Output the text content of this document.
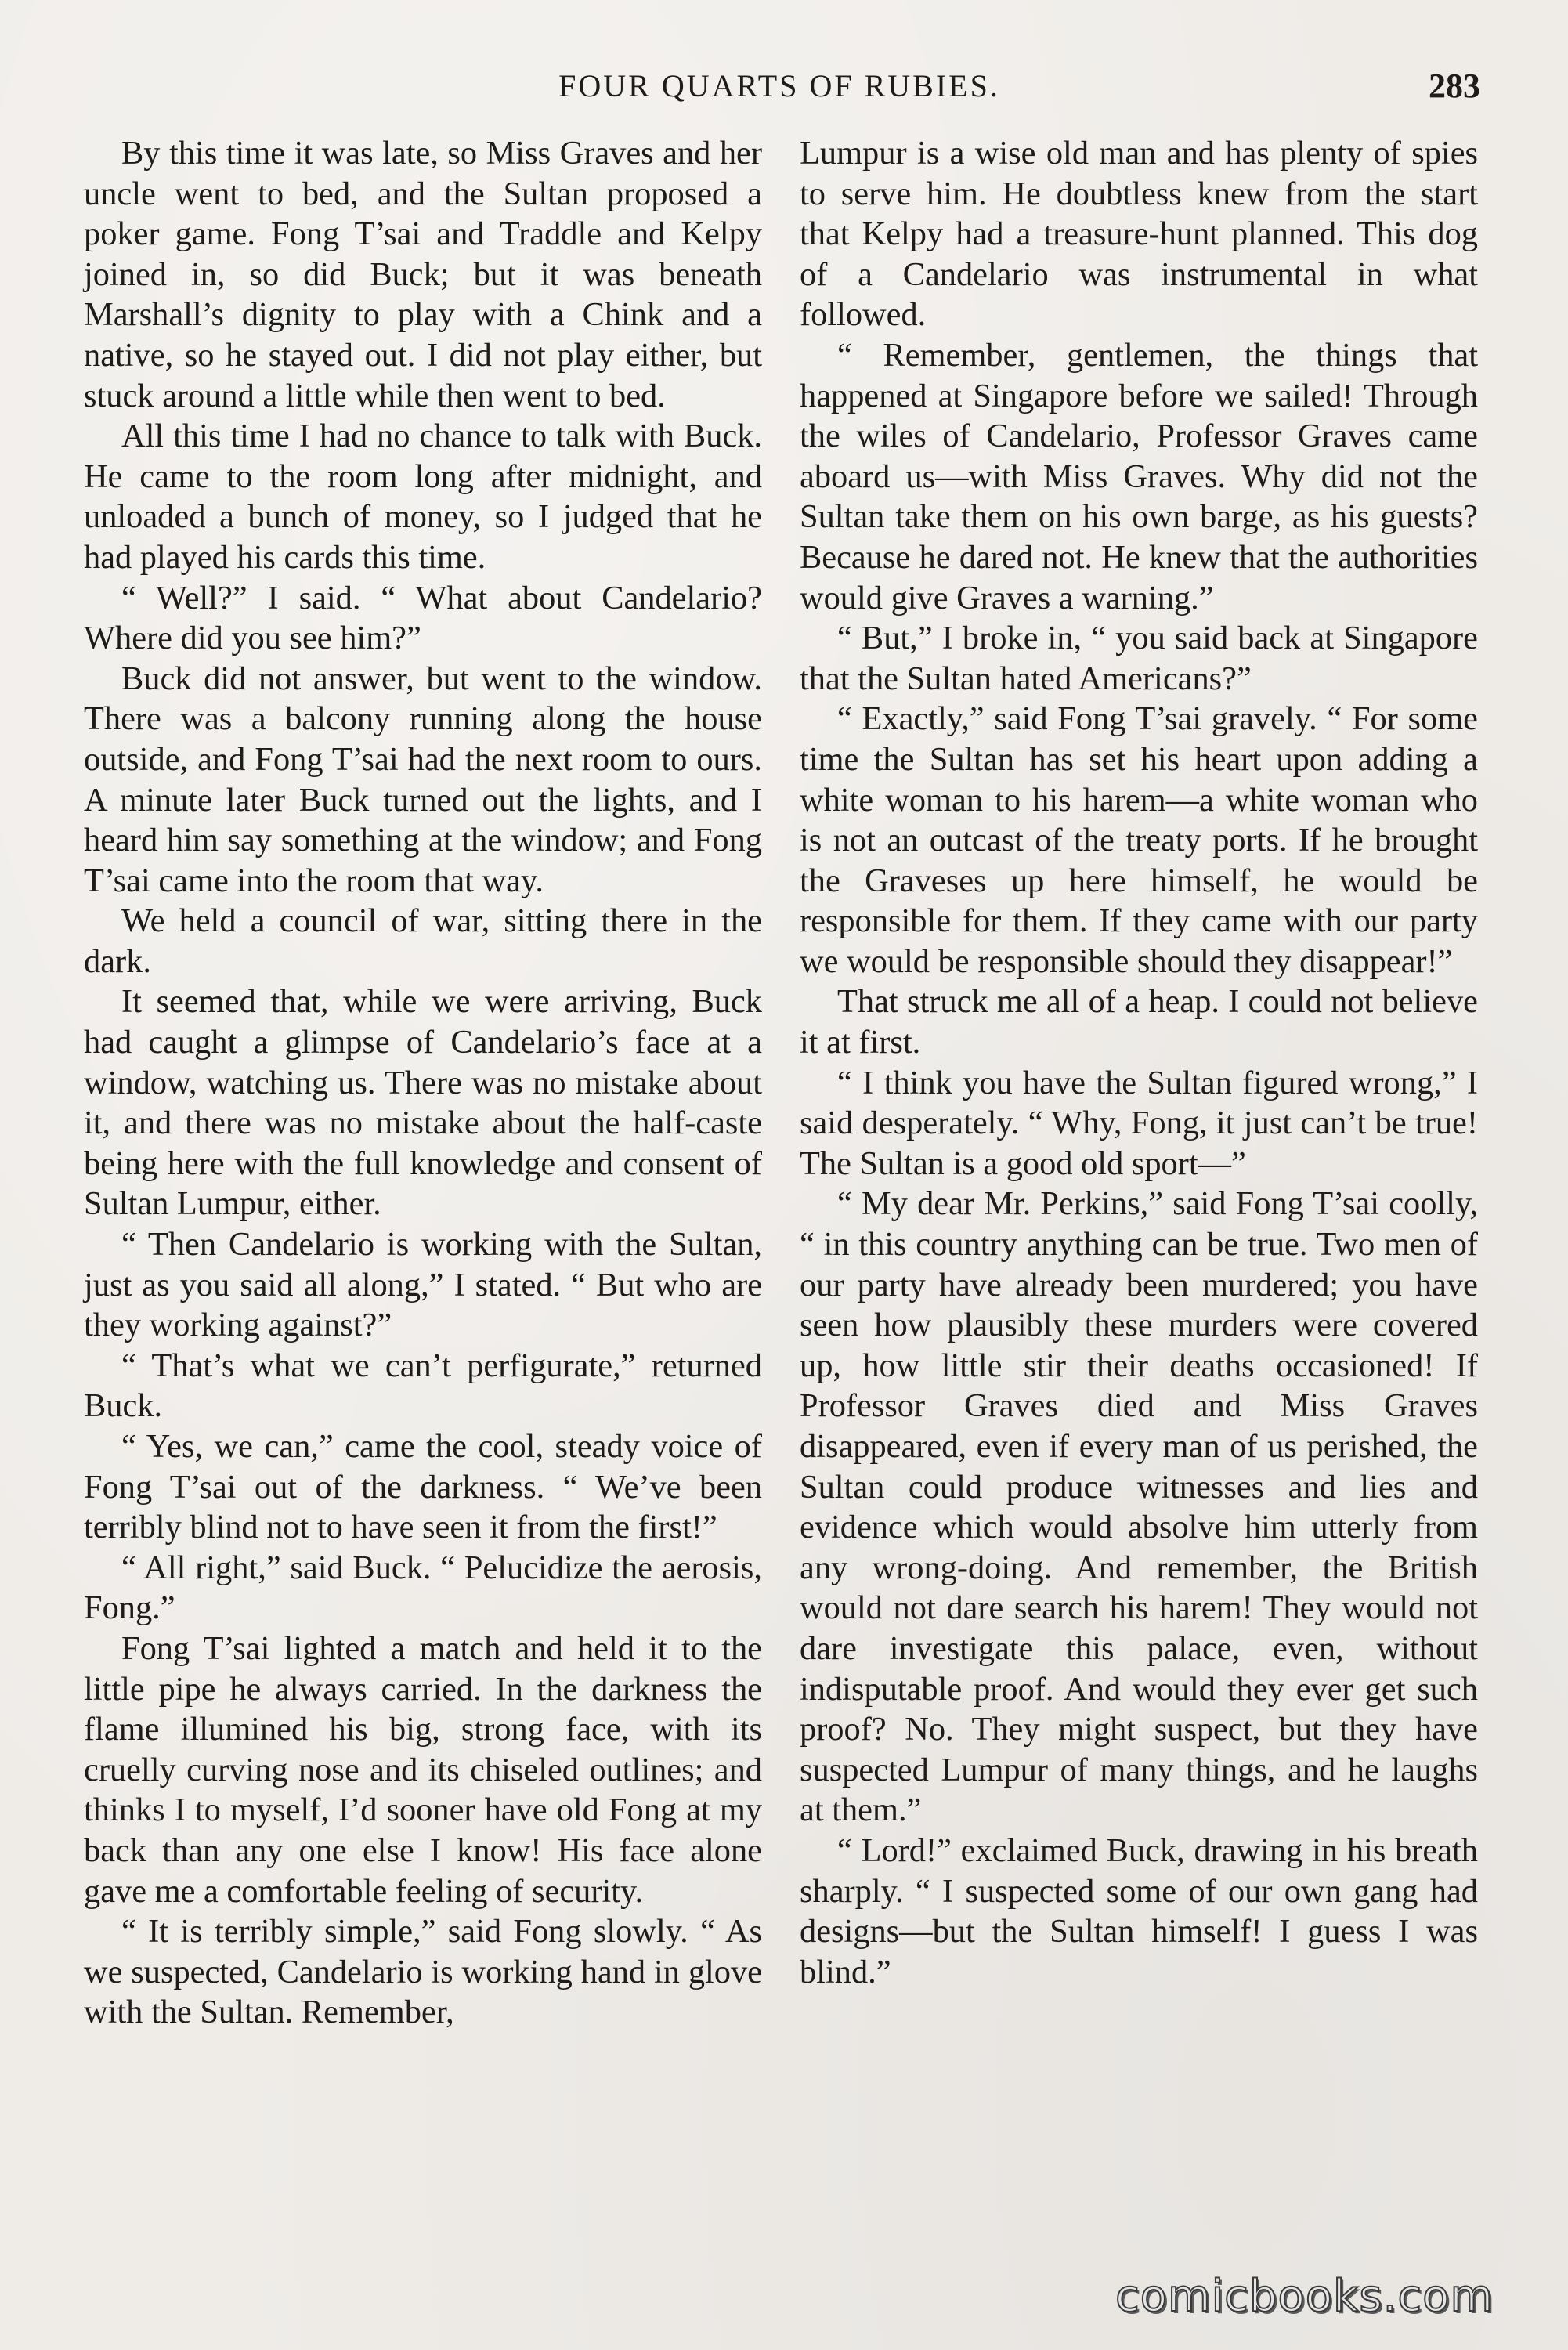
FOUR QUARTS OF RUBIES.	283

By this time it was late, so Miss Graves and her uncle went to bed, and the Sultan proposed a poker game. Fong T’sai and Traddle and Kelpy joined in, so did Buck; but it was beneath Marshall’s dignity to play with a Chink and a native, so he stayed out. I did not play either, but stuck around a little while then went to bed.

All this time I had no chance to talk with Buck. He came to the room long after midnight, and unloaded a bunch of money, so I judged that he had played his cards this time.

“ Well?” I said. “ What about Candelario? Where did you see him?”

Buck did not answer, but went to the window. There was a balcony running along the house outside, and Fong T’sai had the next room to ours. A minute later Buck turned out the lights, and I heard him say something at the window; and Fong T’sai came into the room that way.

We held a council of war, sitting there in the dark.

It seemed that, while we were arriving, Buck had caught a glimpse of Candelario’s face at a window, watching us. There was no mistake about it, and there was no mistake about the half-caste being here with the full knowledge and consent of Sultan Lumpur, either.

“ Then Candelario is working with the Sultan, just as you said all along,” I stated. “ But who are they working against?”

“ That’s what we can’t perfigurate,” returned Buck.

“ Yes, we can,” came the cool, steady voice of Fong T’sai out of the darkness. “ We’ve been terribly blind not to have seen it from the first!”

“ All right,” said Buck. “ Pelucidize the aerosis, Fong.”

Fong T’sai lighted a match and held it to the little pipe he always carried. In the darkness the flame illumined his big, strong face, with its cruelly curving nose and its chiseled outlines; and thinks I to myself, I’d sooner have old Fong at my back than any one else I know! His face alone gave me a comfortable feeling of security.

“ It is terribly simple,” said Fong slowly. “ As we suspected, Candelario is working hand in glove with the Sultan. Remember,

Lumpur is a wise old man and has plenty of spies to serve him. He doubtless knew from the start that Kelpy had a treasure-hunt planned. This dog of a Candelario was instrumental in what followed.

“ Remember, gentlemen, the things that happened at Singapore before we sailed! Through the wiles of Candelario, Professor Graves came aboard us—with Miss Graves. Why did not the Sultan take them on his own barge, as his guests? Because he dared not. He knew that the authorities would give Graves a warning.”

“ But,” I broke in, “ you said back at Singapore that the Sultan hated Americans?”

“ Exactly,” said Fong T’sai gravely. “ For some time the Sultan has set his heart upon adding a white woman to his harem—a white woman who is not an outcast of the treaty ports. If he brought the Graveses up here himself, he would be responsible for them. If they came with our party we would be responsible should they disappear!”

That struck me all of a heap. I could not believe it at first.

“ I think you have the Sultan figured wrong,” I said desperately. “ Why, Fong, it just can’t be true! The Sultan is a good old sport—”

“ My dear Mr. Perkins,” said Fong T’sai coolly, “ in this country anything can be true. Two men of our party have already been murdered; you have seen how plausibly these murders were covered up, how little stir their deaths occasioned! If Professor Graves died and Miss Graves disappeared, even if every man of us perished, the Sultan could produce witnesses and lies and evidence which would absolve him utterly from any wrong-doing. And remember, the British would not dare search his harem! They would not dare investigate this palace, even, without indisputable proof. And would they ever get such proof? No. They might suspect, but they have suspected Lumpur of many things, and he laughs at them.”

“ Lord!” exclaimed Buck, drawing in his breath sharply. “ I suspected some of our own gang had designs—but the Sultan himself! I guess I was blind.”

comicbooks.com
